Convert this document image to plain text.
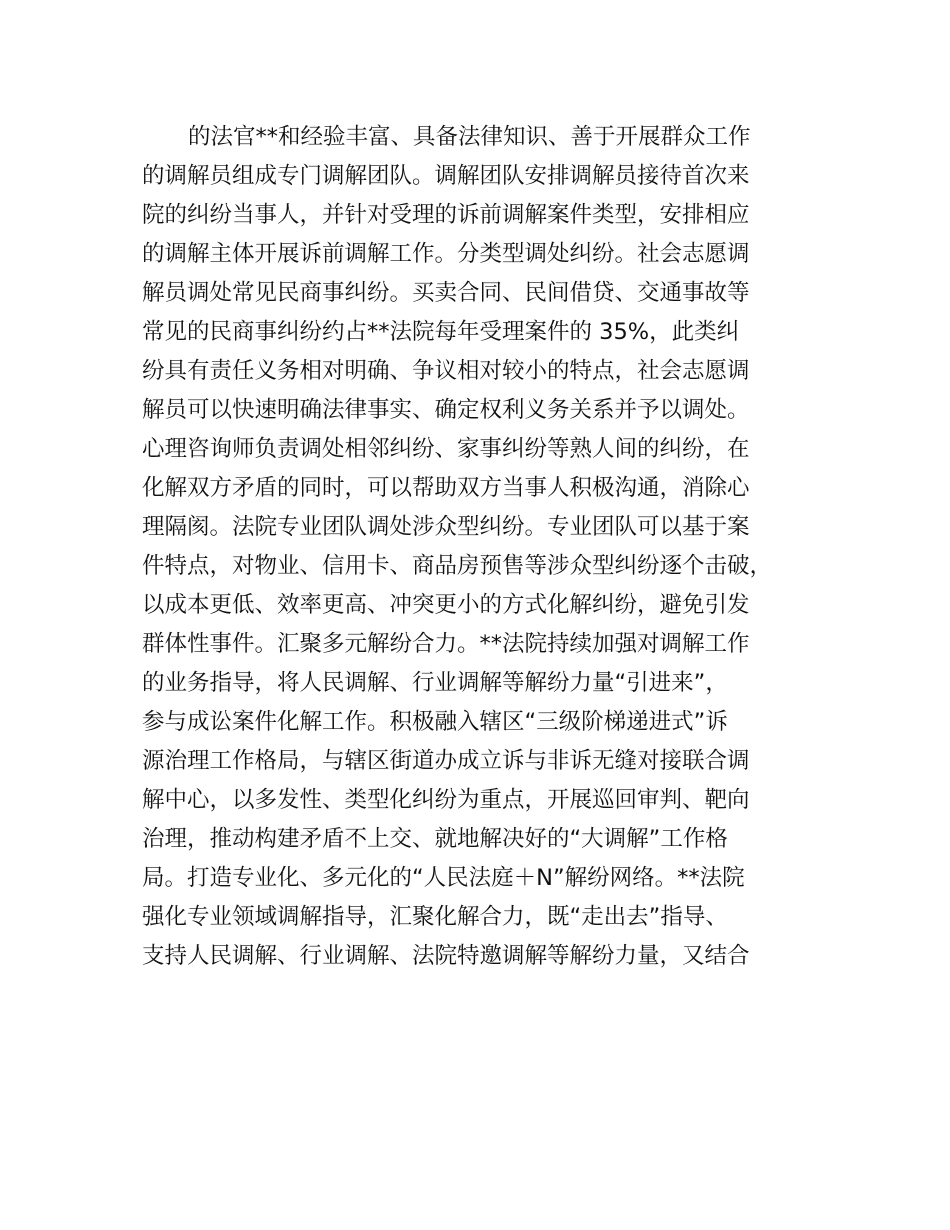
的法官**和经验丰富、具备法律知识、善于开展群众工作
的调解员组成专门调解团队。调解团队安排调解员接待首次来
院的纠纷当事人，并针对受理的诉前调解案件类型，安排相应
的调解主体开展诉前调解工作。分类型调处纠纷。社会志愿调
解员调处常见民商事纠纷。买卖合同、民间借贷、交通事故等
常见的民商事纠纷约占**法院每年受理案件的 35%，此类纠
纷具有责任义务相对明确、争议相对较小的特点，社会志愿调
解员可以快速明确法律事实、确定权利义务关系并予以调处。
心理咨询师负责调处相邻纠纷、家事纠纷等熟人间的纠纷，在
化解双方矛盾的同时，可以帮助双方当事人积极沟通，消除心
理隔阂。法院专业团队调处涉众型纠纷。专业团队可以基于案
件特点，对物业、信用卡、商品房预售等涉众型纠纷逐个击破，
以成本更低、效率更高、冲突更小的方式化解纠纷，避免引发
群体性事件。汇聚多元解纷合力。**法院持续加强对调解工作
的业务指导，将人民调解、行业调解等解纷力量“引进来”，
参与成讼案件化解工作。积极融入辖区“三级阶梯递进式”诉
源治理工作格局，与辖区街道办成立诉与非诉无缝对接联合调
解中心，以多发性、类型化纠纷为重点，开展巡回审判、靶向
治理，推动构建矛盾不上交、就地解决好的“大调解”工作格
局。打造专业化、多元化的“人民法庭＋N”解纷网络。**法院
强化专业领域调解指导，汇聚化解合力，既“走出去”指导、
支持人民调解、行业调解、法院特邀调解等解纷力量，又结合
